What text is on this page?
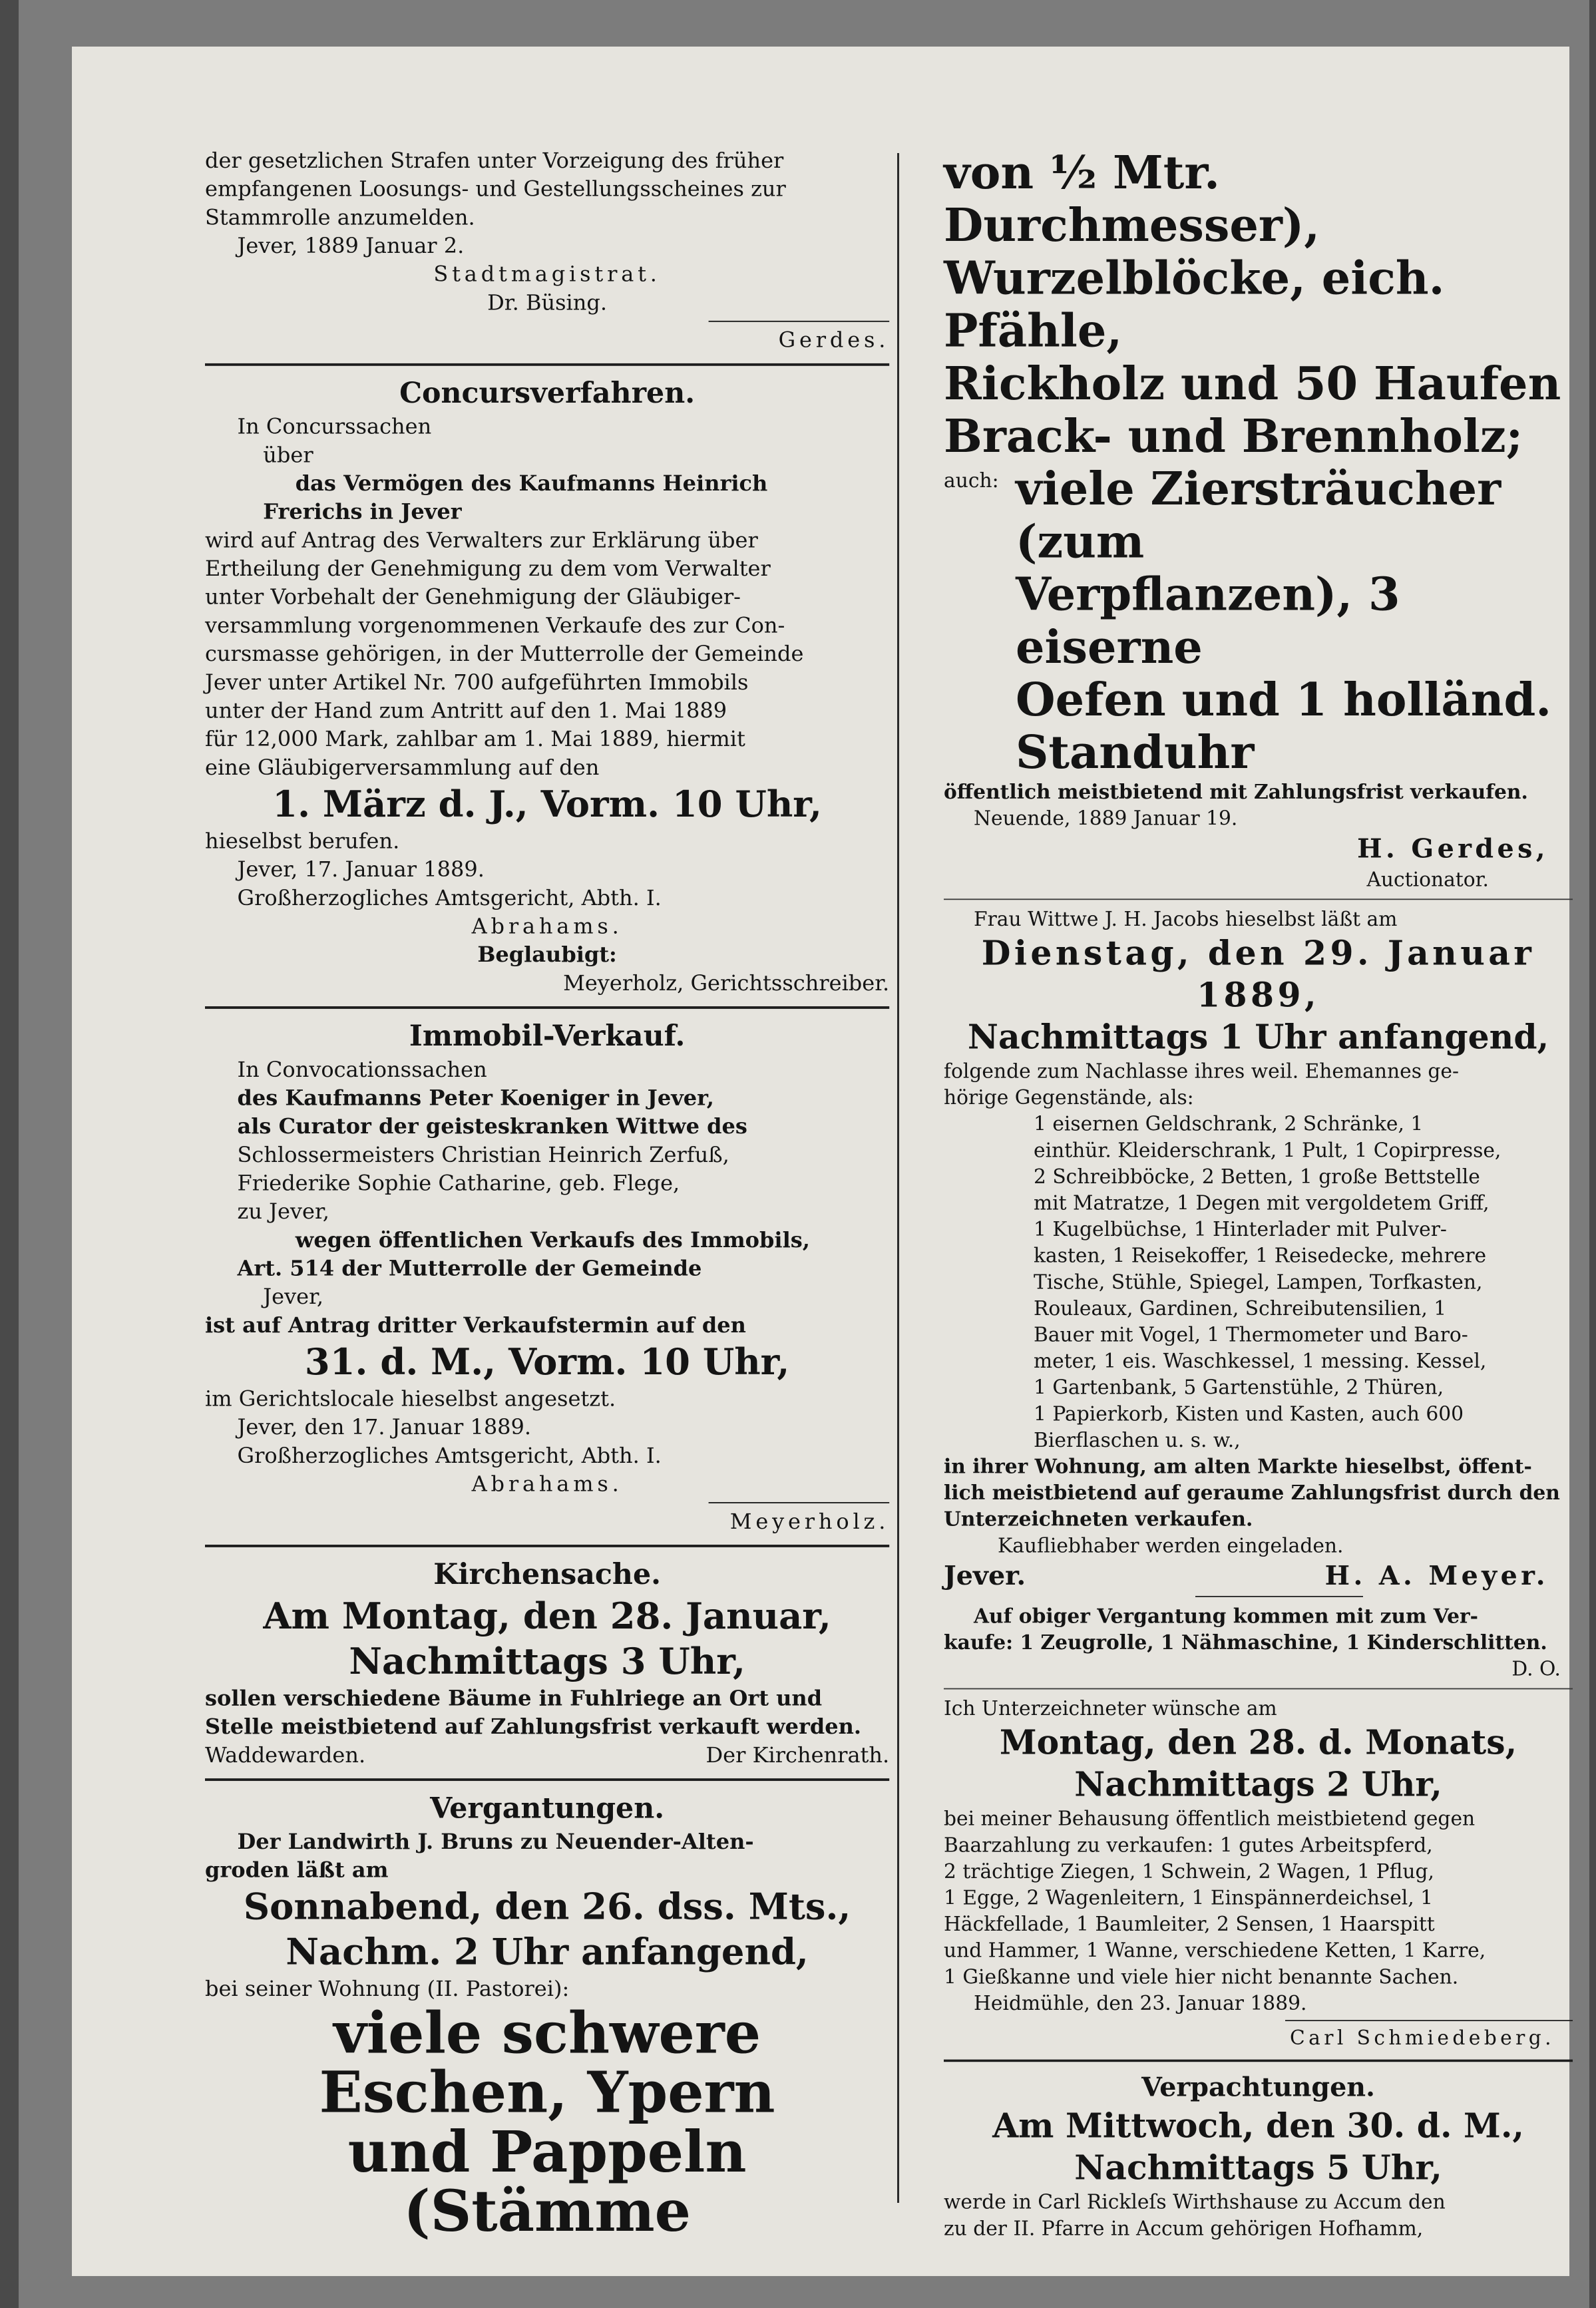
der gesetzlichen Strafen unter Vorzeigung des früher

empfangenen Loosungs- und Gestellungsscheines zur

Stammrolle anzumelden.

Jever, 1889 Januar 2.

Stadtmagistrat.

Dr. Büsing.

Gerdes.

Concursverfahren.

In Concurssachen

über

das Vermögen des Kaufmanns Heinrich

Frerichs in Jever

wird auf Antrag des Verwalters zur Erklärung über

Ertheilung der Genehmigung zu dem vom Verwalter

unter Vorbehalt der Genehmigung der Gläubiger-

versammlung vorgenommenen Verkaufe des zur Con-

cursmasse gehörigen, in der Mutterrolle der Gemeinde

Jever unter Artikel Nr. 700 aufgeführten Immobils

unter der Hand zum Antritt auf den 1. Mai 1889

für 12,000 Mark, zahlbar am 1. Mai 1889, hiermit

eine Gläubigerversammlung auf den

1. März d. J., Vorm. 10 Uhr,

hieselbst berufen.

Jever, 17. Januar 1889.

Großherzogliches Amtsgericht, Abth. I.

Abrahams.

Beglaubigt:

Meyerholz, Gerichtsschreiber.

Immobil-Verkauf.

In Convocationssachen

des Kaufmanns Peter Koeniger in Jever,

als Curator der geisteskranken Wittwe des

Schlossermeisters Christian Heinrich Zerfuß,

Friederike Sophie Catharine, geb. Flege,

zu Jever,

wegen öffentlichen Verkaufs des Immobils,

Art. 514 der Mutterrolle der Gemeinde

Jever,

ist auf Antrag dritter Verkaufstermin auf den

31. d. M., Vorm. 10 Uhr,

im Gerichtslocale hieselbst angesetzt.

Jever, den 17. Januar 1889.

Großherzogliches Amtsgericht, Abth. I.

Abrahams.

Meyerholz.

Kirchensache.

Am Montag, den 28. Januar,

Nachmittags 3 Uhr,

sollen verschiedene Bäume in Fuhlriege an Ort und

Stelle meistbietend auf Zahlungsfrist verkauft werden.

Waddewarden.	Der Kirchenrath.

Vergantungen.

Der Landwirth J. Bruns zu Neuender-Alten-

groden läßt am

Sonnabend, den 26. dss. Mts.,

Nachm. 2 Uhr anfangend,

bei seiner Wohnung (II. Pastorei):

viele schwere Eschen, Ypern

und Pappeln (Stämme

von ½ Mtr. Durchmesser),

Wurzelblöcke, eich. Pfähle,

Rickholz und 50 Haufen

Brack- und Brennholz;

auch: viele Ziersträucher (zum

Verpflanzen), 3 eiserne

Oefen und 1 holländ.

Standuhr

öffentlich meistbietend mit Zahlungsfrist verkaufen.

Neuende, 1889 Januar 19.

H. Gerdes,

Auctionator.

Frau Wittwe J. H. Jacobs hieselbst läßt am

Dienstag, den 29. Januar 1889,

Nachmittags 1 Uhr anfangend,

folgende zum Nachlasse ihres weil. Ehemannes ge-

hörige Gegenstände, als:

1 eisernen Geldschrank, 2 Schränke, 1

einthür. Kleiderschrank, 1 Pult, 1 Copirpresse,

2 Schreibböcke, 2 Betten, 1 große Bettstelle

mit Matratze, 1 Degen mit vergoldetem Griff,

1 Kugelbüchse, 1 Hinterlader mit Pulver-

kasten, 1 Reisekoffer, 1 Reisedecke, mehrere

Tische, Stühle, Spiegel, Lampen, Torfkasten,

Rouleaux, Gardinen, Schreibutensilien, 1

Bauer mit Vogel, 1 Thermometer und Baro-

meter, 1 eis. Waschkessel, 1 messing. Kessel,

1 Gartenbank, 5 Gartenstühle, 2 Thüren,

1 Papierkorb, Kisten und Kasten, auch 600

Bierflaschen u. s. w.,

in ihrer Wohnung, am alten Markte hieselbst, öffent-

lich meistbietend auf geraume Zahlungsfrist durch den

Unterzeichneten verkaufen.

Kaufliebhaber werden eingeladen.

Jever.	H. A. Meyer.

Auf obiger Vergantung kommen mit zum Ver-

kaufe: 1 Zeugrolle, 1 Nähmaschine, 1 Kinderschlitten.

D. O.

Ich Unterzeichneter wünsche am

Montag, den 28. d. Monats,

Nachmittags 2 Uhr,

bei meiner Behausung öffentlich meistbietend gegen

Baarzahlung zu verkaufen: 1 gutes Arbeitspferd,

2 trächtige Ziegen, 1 Schwein, 2 Wagen, 1 Pflug,

1 Egge, 2 Wagenleitern, 1 Einspännerdeichsel, 1

Häckfellade, 1 Baumleiter, 2 Sensen, 1 Haarspitt

und Hammer, 1 Wanne, verschiedene Ketten, 1 Karre,

1 Gießkanne und viele hier nicht benannte Sachen.

Heidmühle, den 23. Januar 1889.

Carl Schmiedeberg.

Verpachtungen.

Am Mittwoch, den 30. d. M.,

Nachmittags 5 Uhr,

werde in Carl Rickleſs Wirthshause zu Accum den

zu der II. Pfarre in Accum gehörigen Hofhamm,
